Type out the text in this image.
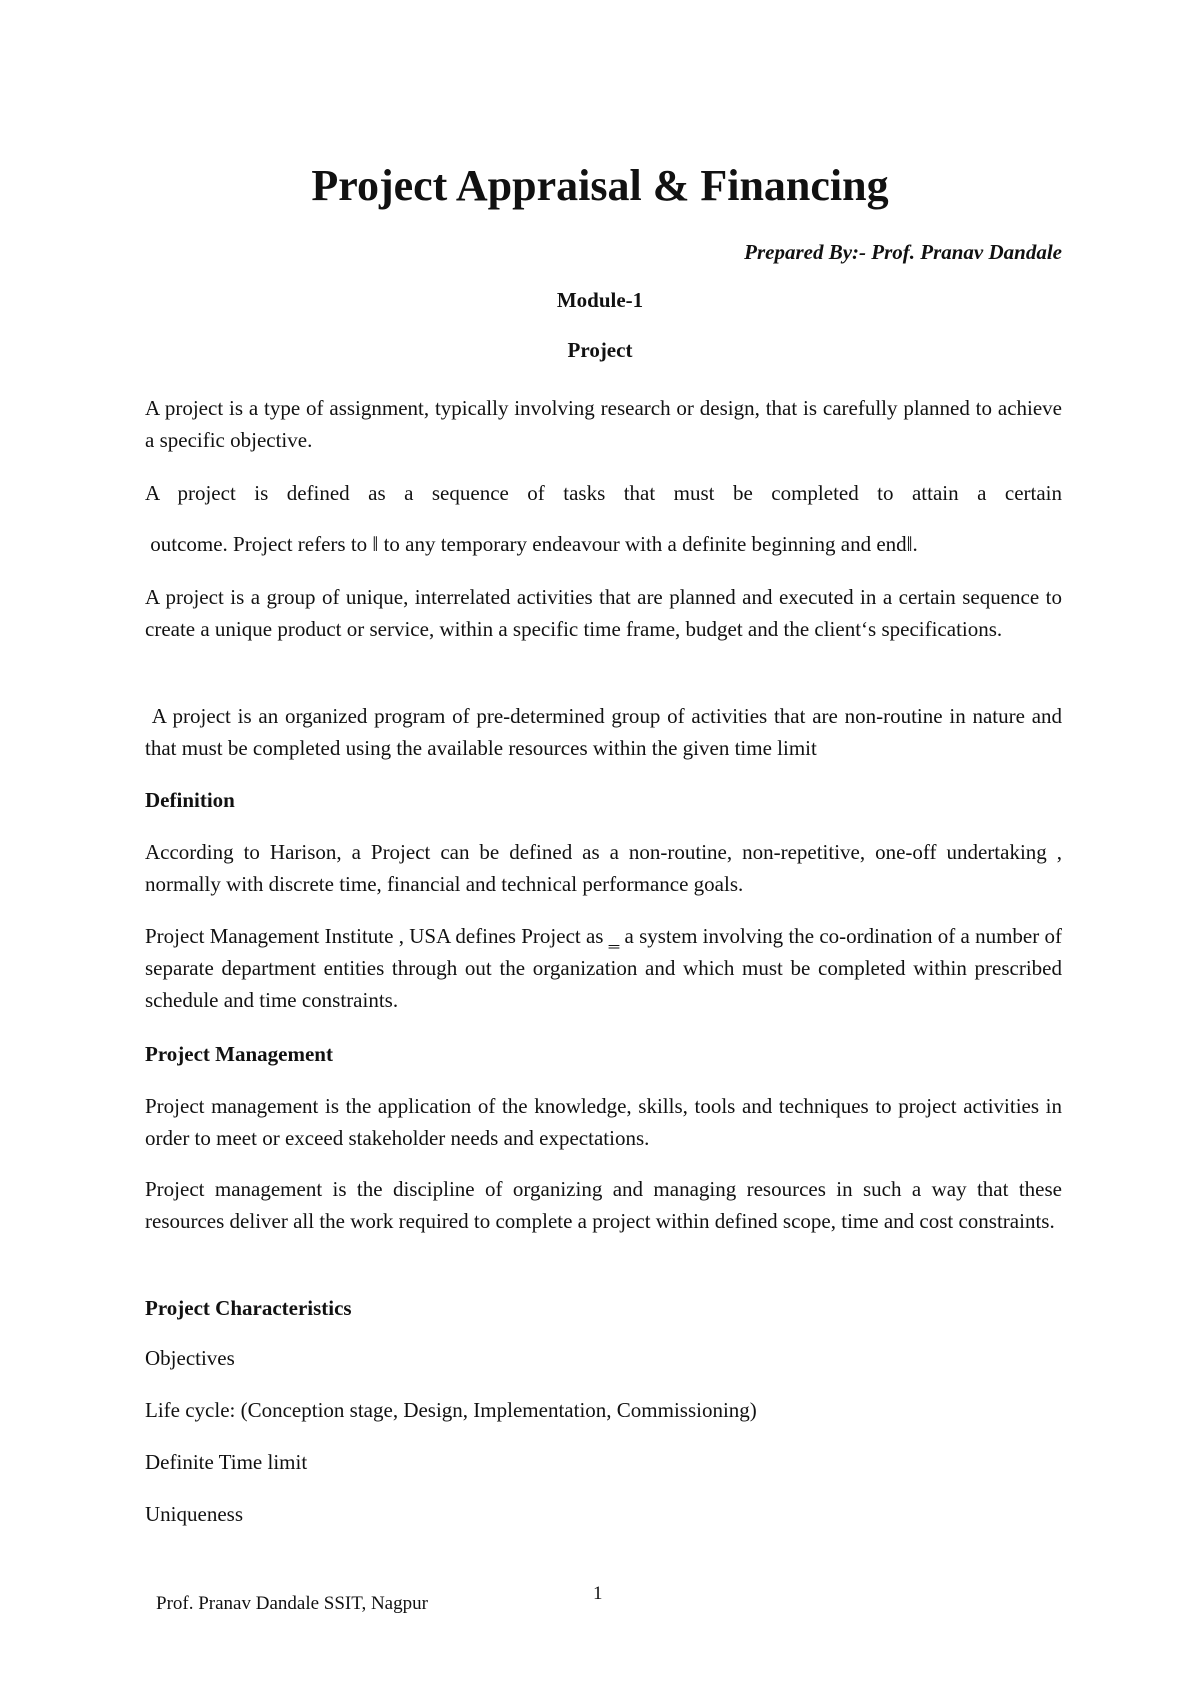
Project Appraisal & Financing
Prepared By:- Prof. Pranav Dandale
Module-1
Project
A project is a type of assignment, typically involving research or design, that is carefully planned to achieve a specific objective.
A project is defined as a sequence of tasks that must be completed to attain a certain
outcome. Project refers to ‖ to any temporary endeavour with a definite beginning and end‖.
A project is a group of unique, interrelated activities that are planned and executed in a certain sequence to create a unique product or service, within a specific time frame, budget and the client‘s specifications.
A project is an organized program of pre-determined group of activities that are non-routine in nature and that must be completed using the available resources within the given time limit
Definition
According to Harison, a Project can be defined as a non-routine, non-repetitive, one-off undertaking , normally with discrete time, financial and technical performance goals.
Project Management Institute , USA defines Project as ‗ a system involving the co-ordination of a number of separate department entities through out the organization and which must be completed within prescribed schedule and time constraints.
Project Management
Project management is the application of the knowledge, skills, tools and techniques to project activities in order to meet or exceed stakeholder needs and expectations.
Project management is the discipline of organizing and managing resources in such a way that these resources deliver all the work required to complete a project within defined scope, time and cost constraints.
Project Characteristics
Objectives
Life cycle: (Conception stage, Design, Implementation, Commissioning)
Definite Time limit
Uniqueness
Prof. Pranav Dandale SSIT, Nagpur	1
